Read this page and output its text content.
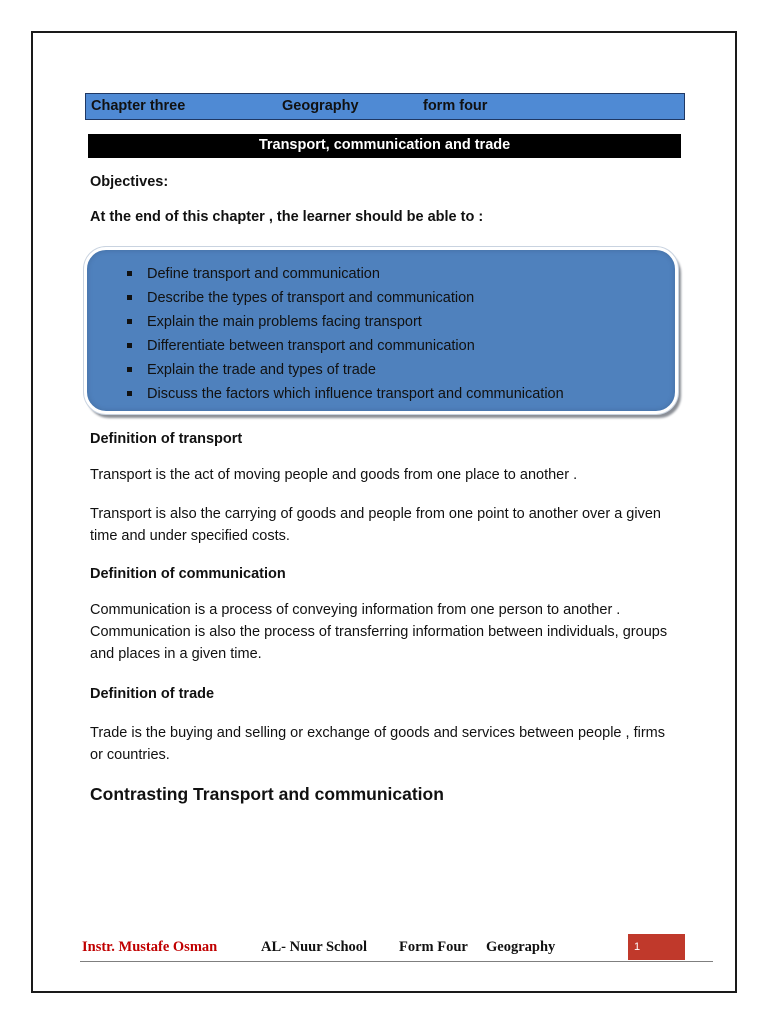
Chapter three	Geography	form four
Transport, communication and trade
Objectives:
At the end of this chapter , the learner should be able to :
Define transport and communication
Describe the types of transport and communication
Explain the main problems facing transport
Differentiate between transport and communication
Explain the trade and types of trade
Discuss the factors which influence transport and communication
Definition of transport
Transport is the act of moving people and goods from one place to another .
Transport is also the carrying of goods and people from one point to another over a given time and under specified costs.
Definition of communication
Communication is a process of conveying information from one person to another . Communication is also the process of transferring information between individuals, groups and places in a given time.
Definition of trade
Trade is the buying and selling or exchange of goods and services between people , firms or countries.
Contrasting Transport and communication
Instr. Mustafe Osman	AL- Nuur School Form Four Geography	1
